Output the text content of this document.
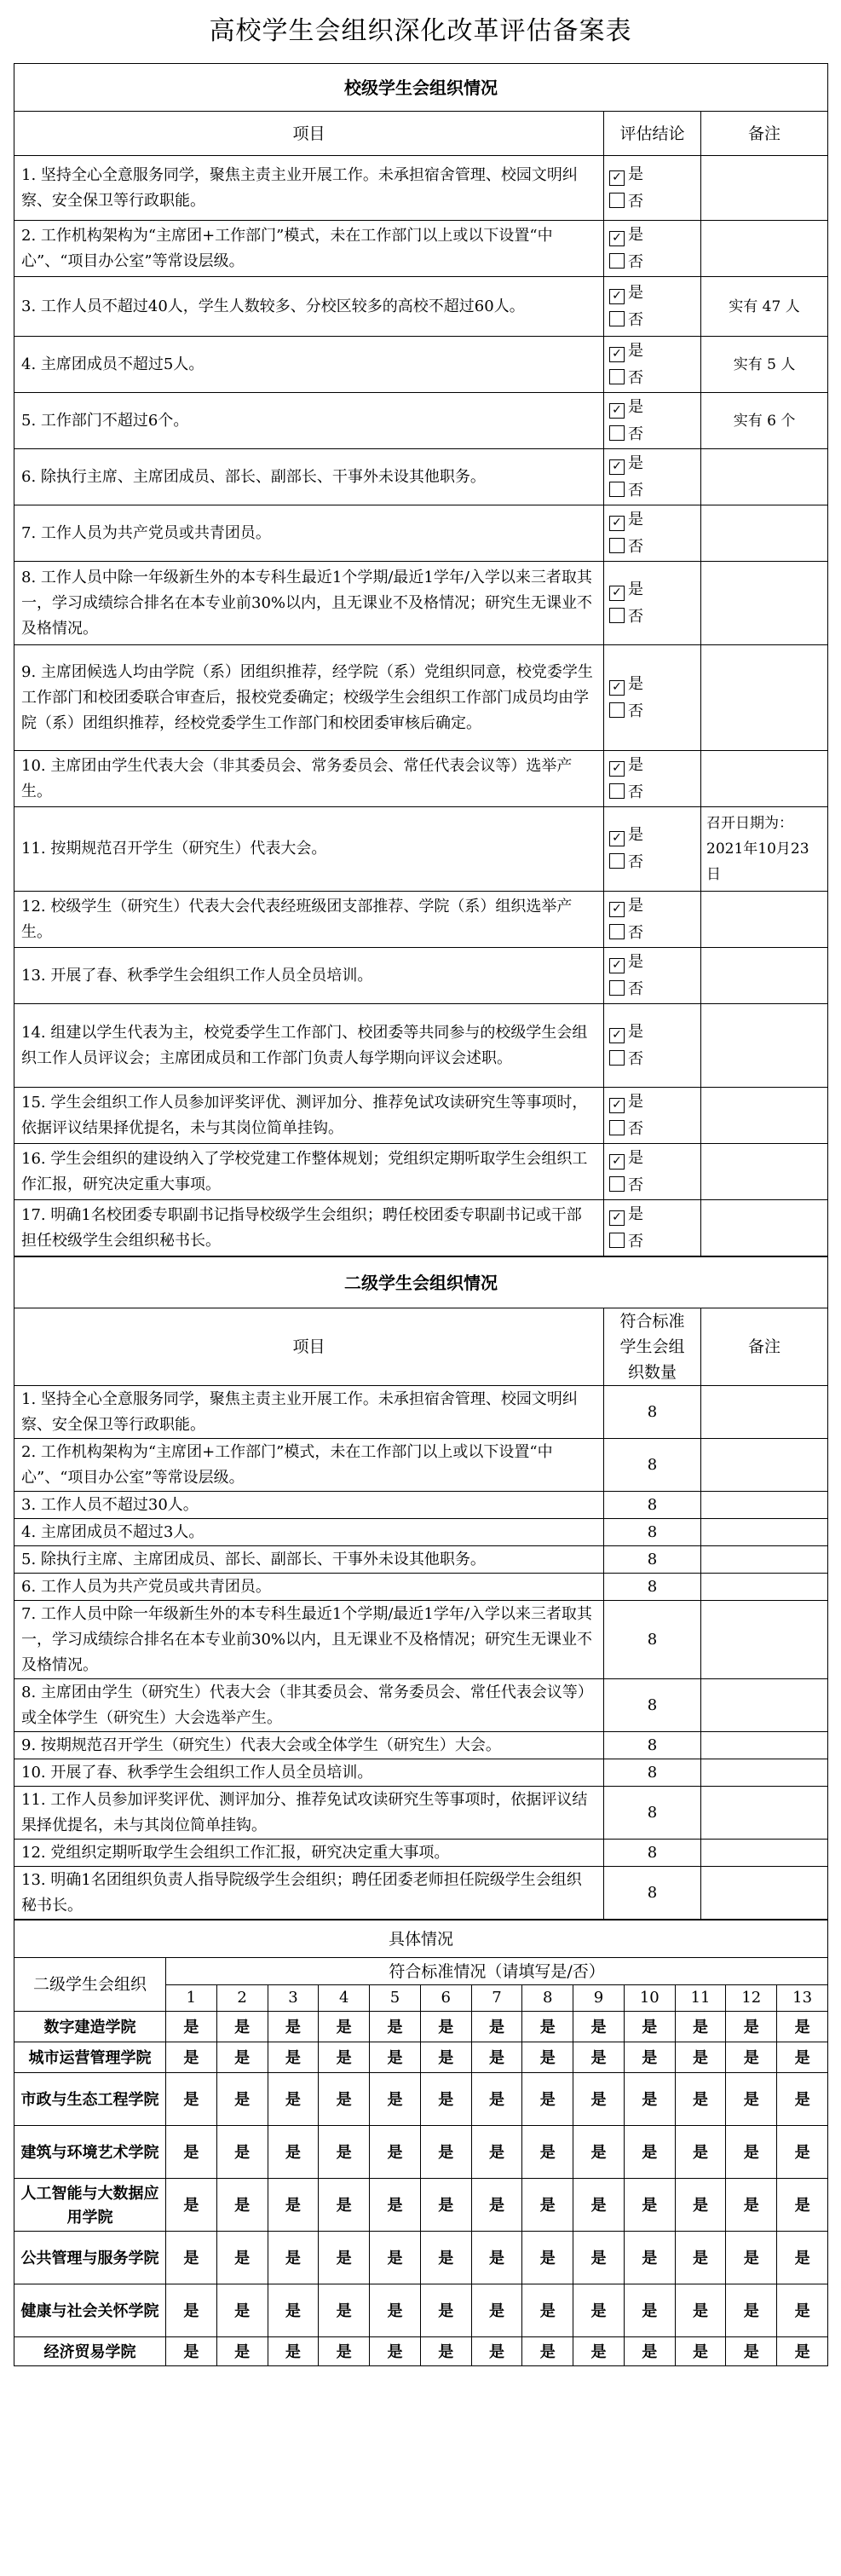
高校学生会组织深化改革评估备案表
校级学生会组织情况		
项目	评估结论	备注
1. 坚持全心全意服务同学，聚焦主责主业开展工作。未承担宿舍管理、校园文明纠察、安全保卫等行政职能。	✓ 是
否	

2. 工作机构架构为“主席团+工作部门”模式，未在工作部门以上或以下设置“中心”、“项目办公室”等常设层级。	✓ 是
否	

3. 工作人员不超过40人，学生人数较多、分校区较多的高校不超过60人。	✓ 是
否	实有 47 人
4. 主席团成员不超过5人。	✓ 是
否	实有 5 人
5. 工作部门不超过6个。	✓ 是
否	实有 6 个
6. 除执行主席、主席团成员、部长、副部长、干事外未设其他职务。	✓ 是
否	

7. 工作人员为共产党员或共青团员。	✓ 是
否	

8. 工作人员中除一年级新生外的本专科生最近1个学期/最近1学年/入学以来三者取其一，学习成绩综合排名在本专业前30%以内，且无课业不及格情况；研究生无课业不及格情况。	✓ 是
否	

9. 主席团候选人均由学院（系）团组织推荐，经学院（系）党组织同意，校党委学生工作部门和校团委联合审查后，报校党委确定；校级学生会组织工作部门成员均由学院（系）团组织推荐，经校党委学生工作部门和校团委审核后确定。	✓ 是
否	

10. 主席团由学生代表大会（非其委员会、常务委员会、常任代表会议等）选举产生。	✓ 是
否	

11. 按期规范召开学生（研究生）代表大会。	✓ 是
否	召开日期为：2021年10月23日
12. 校级学生（研究生）代表大会代表经班级团支部推荐、学院（系）组织选举产生。	✓ 是
否	

13. 开展了春、秋季学生会组织工作人员全员培训。	✓ 是
否	

14. 组建以学生代表为主，校党委学生工作部门、校团委等共同参与的校级学生会组织工作人员评议会；主席团成员和工作部门负责人每学期向评议会述职。	✓ 是
否	

15. 学生会组织工作人员参加评奖评优、测评加分、推荐免试攻读研究生等事项时，依据评议结果择优提名，未与其岗位简单挂钩。	✓ 是
否	

16. 学生会组织的建设纳入了学校党建工作整体规划；党组织定期听取学生会组织工作汇报，研究决定重大事项。	✓ 是
否	

17. 明确1名校团委专职副书记指导校级学生会组织；聘任校团委专职副书记或干部担任校级学生会组织秘书长。	✓ 是
否	

二级学生会组织情况		
项目	符合标准学生会组织数量	备注
1. 坚持全心全意服务同学，聚焦主责主业开展工作。未承担宿舍管理、校园文明纠察、安全保卫等行政职能。	8	
2. 工作机构架构为“主席团+工作部门”模式，未在工作部门以上或以下设置“中心”、“项目办公室”等常设层级。	8	
3. 工作人员不超过30人。	8	
4. 主席团成员不超过3人。	8	
5. 除执行主席、主席团成员、部长、副部长、干事外未设其他职务。	8	
6. 工作人员为共产党员或共青团员。	8	
7. 工作人员中除一年级新生外的本专科生最近1个学期/最近1学年/入学以来三者取其一，学习成绩综合排名在本专业前30%以内，且无课业不及格情况；研究生无课业不及格情况。	8	
8. 主席团由学生（研究生）代表大会（非其委员会、常务委员会、常任代表会议等）或全体学生（研究生）大会选举产生。	8	
9. 按期规范召开学生（研究生）代表大会或全体学生（研究生）大会。	8	
10. 开展了春、秋季学生会组织工作人员全员培训。	8	
11. 工作人员参加评奖评优、测评加分、推荐免试攻读研究生等事项时，依据评议结果择优提名，未与其岗位简单挂钩。	8	
12. 党组织定期听取学生会组织工作汇报，研究决定重大事项。	8	
13. 明确1名团组织负责人指导院级学生会组织；聘任团委老师担任院级学生会组织秘书长。	8	
具体情况													
二级学生会组织	符合标准情况（请填写是/否）												
	1	2	3	4	5	6	7	8	9	10	11	12	13
数字建造学院	是	是	是	是	是	是	是	是	是	是	是	是	是
城市运营管理学院	是	是	是	是	是	是	是	是	是	是	是	是	是
市政与生态工程学院	是	是	是	是	是	是	是	是	是	是	是	是	是
建筑与环境艺术学院	是	是	是	是	是	是	是	是	是	是	是	是	是
人工智能与大数据应用学院	是	是	是	是	是	是	是	是	是	是	是	是	是
公共管理与服务学院	是	是	是	是	是	是	是	是	是	是	是	是	是
健康与社会关怀学院	是	是	是	是	是	是	是	是	是	是	是	是	是
经济贸易学院	是	是	是	是	是	是	是	是	是	是	是	是	是
